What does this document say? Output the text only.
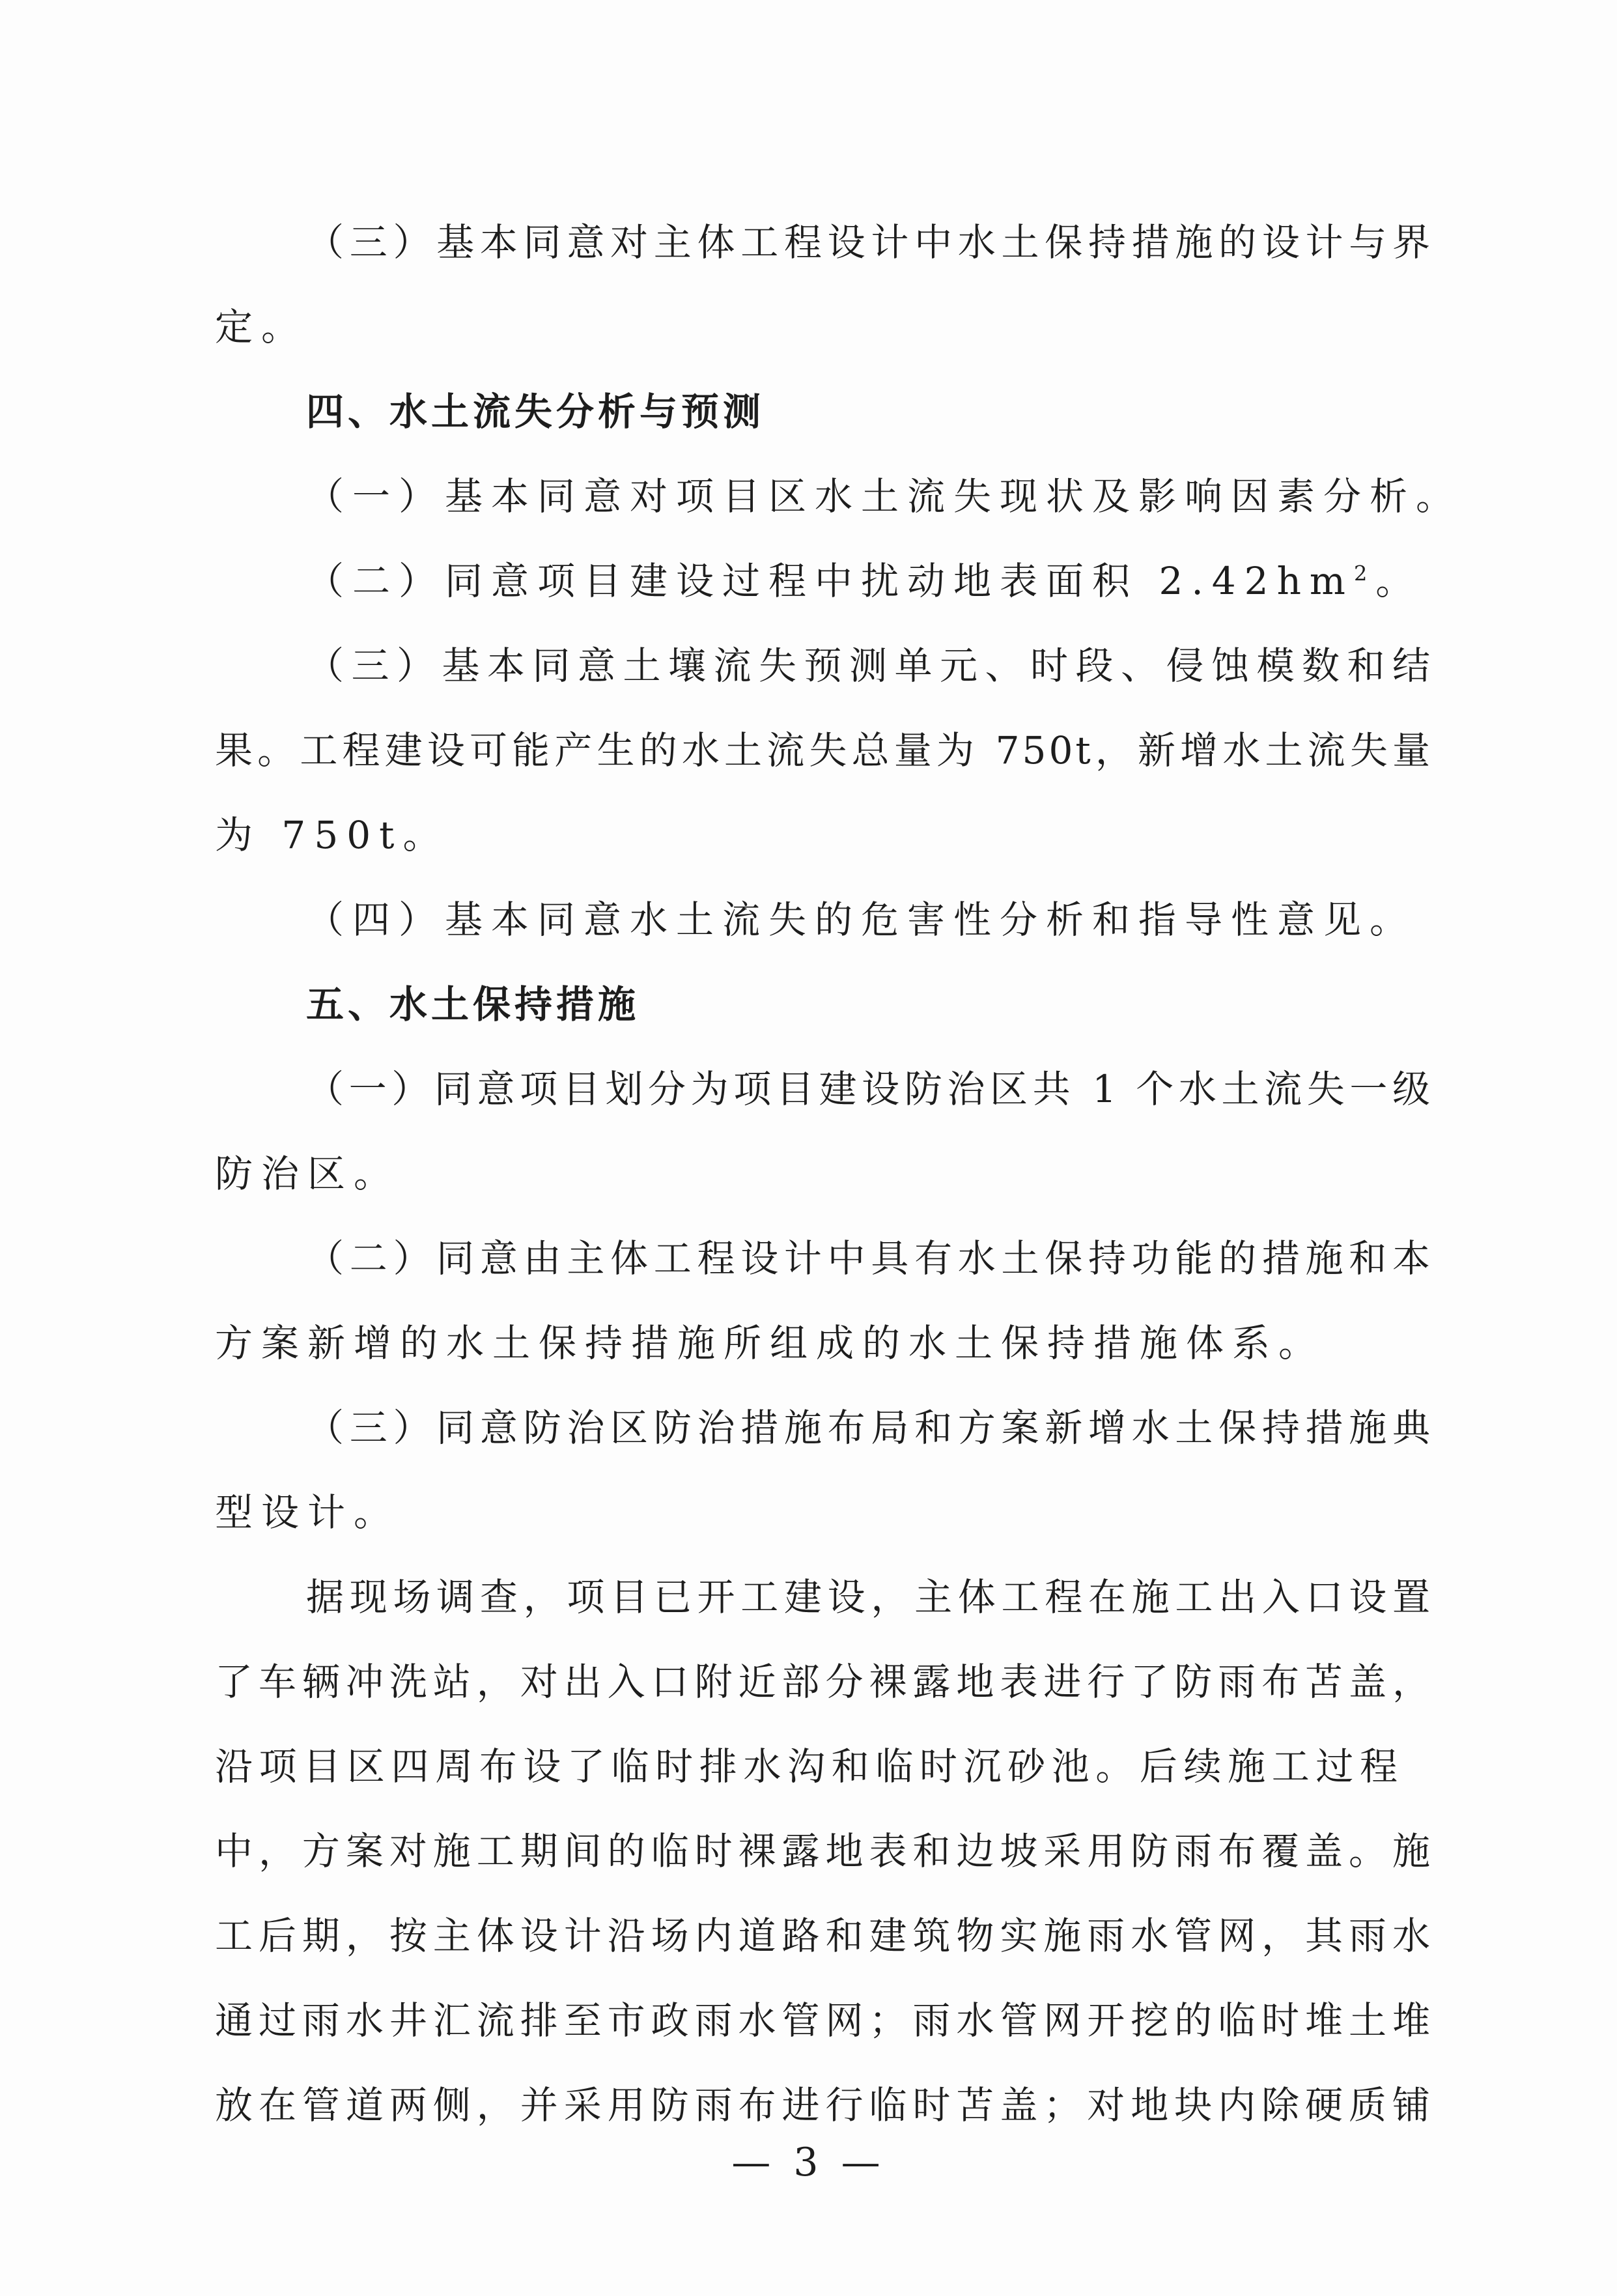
（三）基本同意对主体工程设计中水土保持措施的设计与界
定。
四、水土流失分析与预测
（一）基本同意对项目区水土流失现状及影响因素分析。
（二）同意项目建设过程中扰动地表面积 $2.42hm^2$。
（三）基本同意土壤流失预测单元、时段、侵蚀模数和结
果。工程建设可能产生的水土流失总量为 750t，新增水土流失量
为 750t。
（四）基本同意水土流失的危害性分析和指导性意见。
五、水土保持措施
（一）同意项目划分为项目建设防治区共 1 个水土流失一级
防治区。
（二）同意由主体工程设计中具有水土保持功能的措施和本
方案新增的水土保持措施所组成的水土保持措施体系。
（三）同意防治区防治措施布局和方案新增水土保持措施典
型设计。
据现场调查，项目已开工建设，主体工程在施工出入口设置
了车辆冲洗站，对出入口附近部分裸露地表进行了防雨布苫盖，
沿项目区四周布设了临时排水沟和临时沉砂池。后续施工过程
中，方案对施工期间的临时裸露地表和边坡采用防雨布覆盖。施
工后期，按主体设计沿场内道路和建筑物实施雨水管网，其雨水
通过雨水井汇流排至市政雨水管网；雨水管网开挖的临时堆土堆
放在管道两侧，并采用防雨布进行临时苫盖；对地块内除硬质铺
— 3 —
